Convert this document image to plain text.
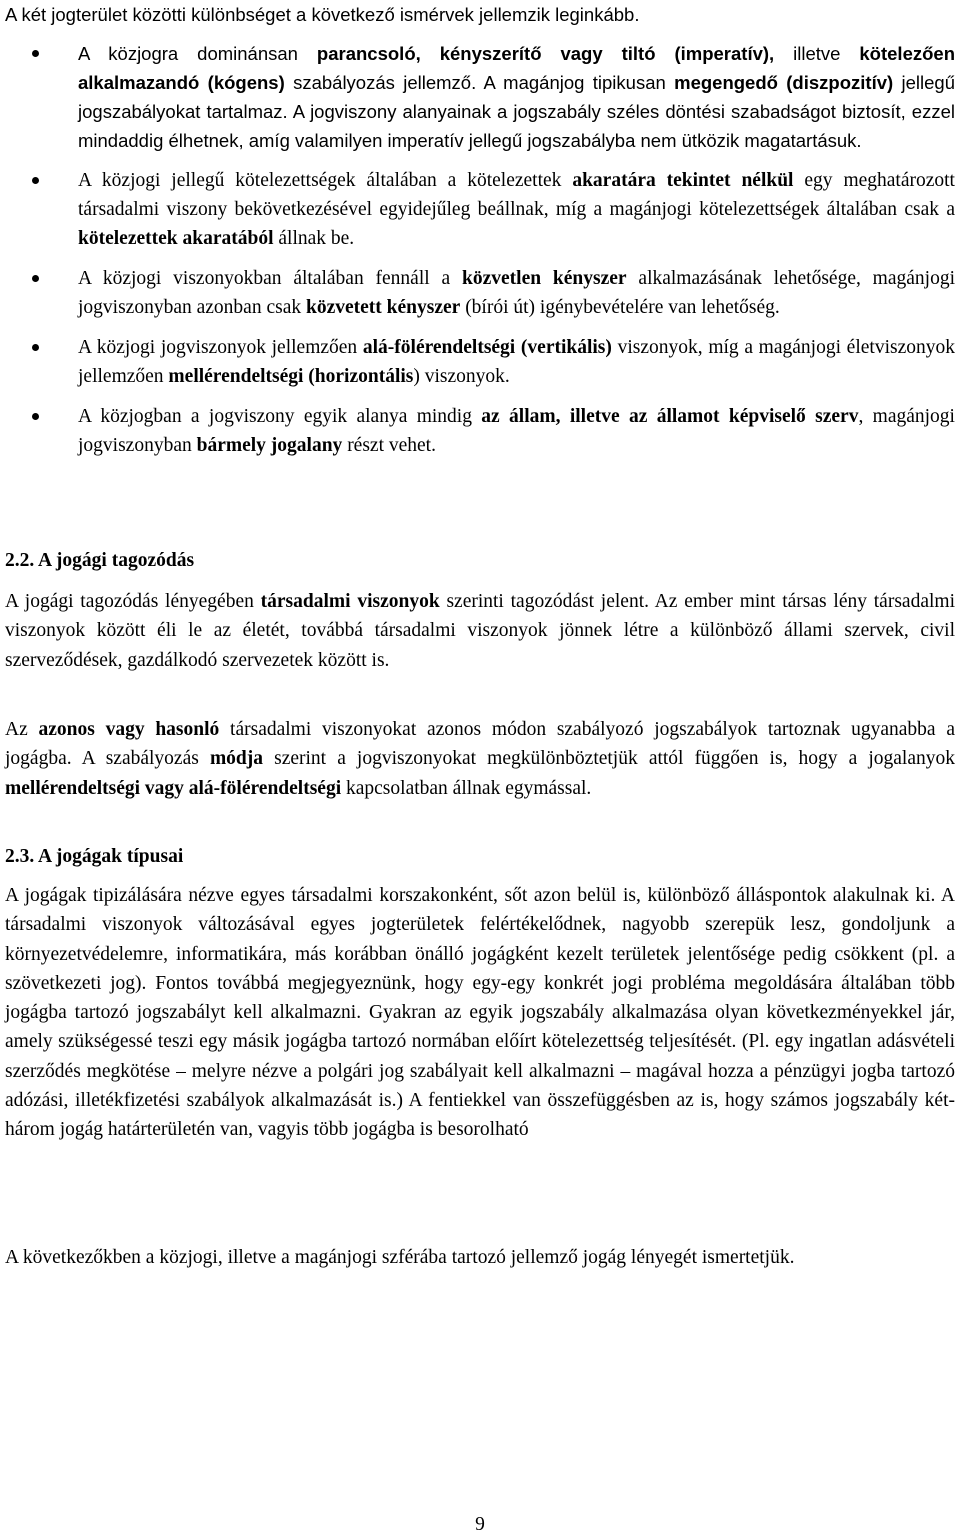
A két jogterület közötti különbséget a következő ismérvek jellemzik leginkább.
A közjogra dominánsan parancsoló, kényszerítő vagy tiltó (imperatív), illetve kötelezően alkalmazandó (kógens) szabályozás jellemző. A magánjog tipikusan megengedő (diszpozitív) jellegű jogszabályokat tartalmaz. A jogviszony alanyainak a jogszabály széles döntési szabadságot biztosít, ezzel mindaddig élhetnek, amíg valamilyen imperatív jellegű jogszabályba nem ütközik magatartásuk.
A közjogi jellegű kötelezettségek általában a kötelezettek akaratára tekintet nélkül egy meghatározott társadalmi viszony bekövetkezésével egyidejűleg beállnak, míg a magánjogi kötelezettségek általában csak a kötelezettek akaratából állnak be.
A közjogi viszonyokban általában fennáll a közvetlen kényszer alkalmazásának lehetősége, magánjogi jogviszonyban azonban csak közvetett kényszer (bírói út) igénybevételére van lehetőség.
A közjogi jogviszonyok jellemzően alá-fölérendeltségi (vertikális) viszonyok, míg a magánjogi életviszonyok jellemzően mellérendeltségi (horizontális) viszonyok.
A közjogban a jogviszony egyik alanya mindig az állam, illetve az államot képviselő szerv, magánjogi jogviszonyban bármely jogalany részt vehet.
2.2. A jogági tagozódás

A jogági tagozódás lényegében társadalmi viszonyok szerinti tagozódást jelent. Az ember mint társas lény társadalmi viszonyok között éli le az életét, továbbá társadalmi viszonyok jönnek létre a különböző állami szervek, civil szerveződések, gazdálkodó szervezetek között is.

Az azonos vagy hasonló társadalmi viszonyokat azonos módon szabályozó jogszabályok tartoznak ugyanabba a jogágba. A szabályozás módja szerint a jogviszonyokat megkülönböztetjük attól függően is, hogy a jogalanyok mellérendeltségi vagy alá-fölérendeltségi kapcsolatban állnak egymással.

2.3. A jogágak típusai

A jogágak tipizálására nézve egyes társadalmi korszakonként, sőt azon belül is, különböző álláspontok alakulnak ki. A társadalmi viszonyok változásával egyes jogterületek felértékelődnek, nagyobb szerepük lesz, gondoljunk a környezetvédelemre, informatikára, más korábban önálló jogágként kezelt területek jelentősége pedig csökkent (pl. a szövetkezeti jog). Fontos továbbá megjegyeznünk, hogy egy-egy konkrét jogi probléma megoldására általában több jogágba tartozó jogszabályt kell alkalmazni. Gyakran az egyik jogszabály alkalmazása olyan következményekkel jár, amely szükségessé teszi egy másik jogágba tartozó normában előírt kötelezettség teljesítését. (Pl. egy ingatlan adásvételi szerződés megkötése – melyre nézve a polgári jog szabályait kell alkalmazni – magával hozza a pénzügyi jogba tartozó adózási, illetékfizetési szabályok alkalmazását is.) A fentiekkel van összefüggésben az is, hogy számos jogszabály két-három jogág határterületén van, vagyis több jogágba is besorolható

A következőkben a közjogi, illetve a magánjogi szférába tartozó jellemző jogág lényegét ismertetjük.

9
